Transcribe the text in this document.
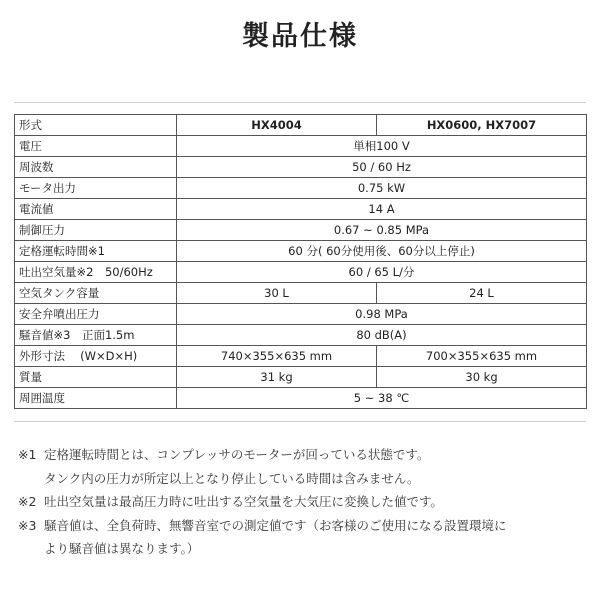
製品仕様
形式	HX4004	HX0600, HX7007
電圧	単相100 V	
周波数	50 / 60 Hz	
モータ出力	0.75 kW	
電流値	14 A	
制御圧力	0.67 ~ 0.85 MPa	
定格運転時間※1	60 分( 60分使用後、60分以上停止)	
吐出空気量※2　50/60Hz	60 / 65 L/分	
空気タンク容量	30 L	24 L
安全弁噴出圧力	0.98 MPa	
騒音値※3　正面1.5m	80 dB(A)	
外形寸法　 (W×D×H)	740×355×635 mm	700×355×635 mm
質量	31 kg	30 kg
周囲温度	5 ~ 38 ℃	
※1 定格運転時間とは、コンプレッサのモーターが回っている状態です。

タンク内の圧力が所定以上となり停止している時間は含みません。

※2 吐出空気量は最高圧力時に吐出する空気量を大気圧に変換した値です。

※3 騒音値は、全負荷時、無響音室での測定値です（お客様のご使用になる設置環境に

より騒音値は異なります。）
